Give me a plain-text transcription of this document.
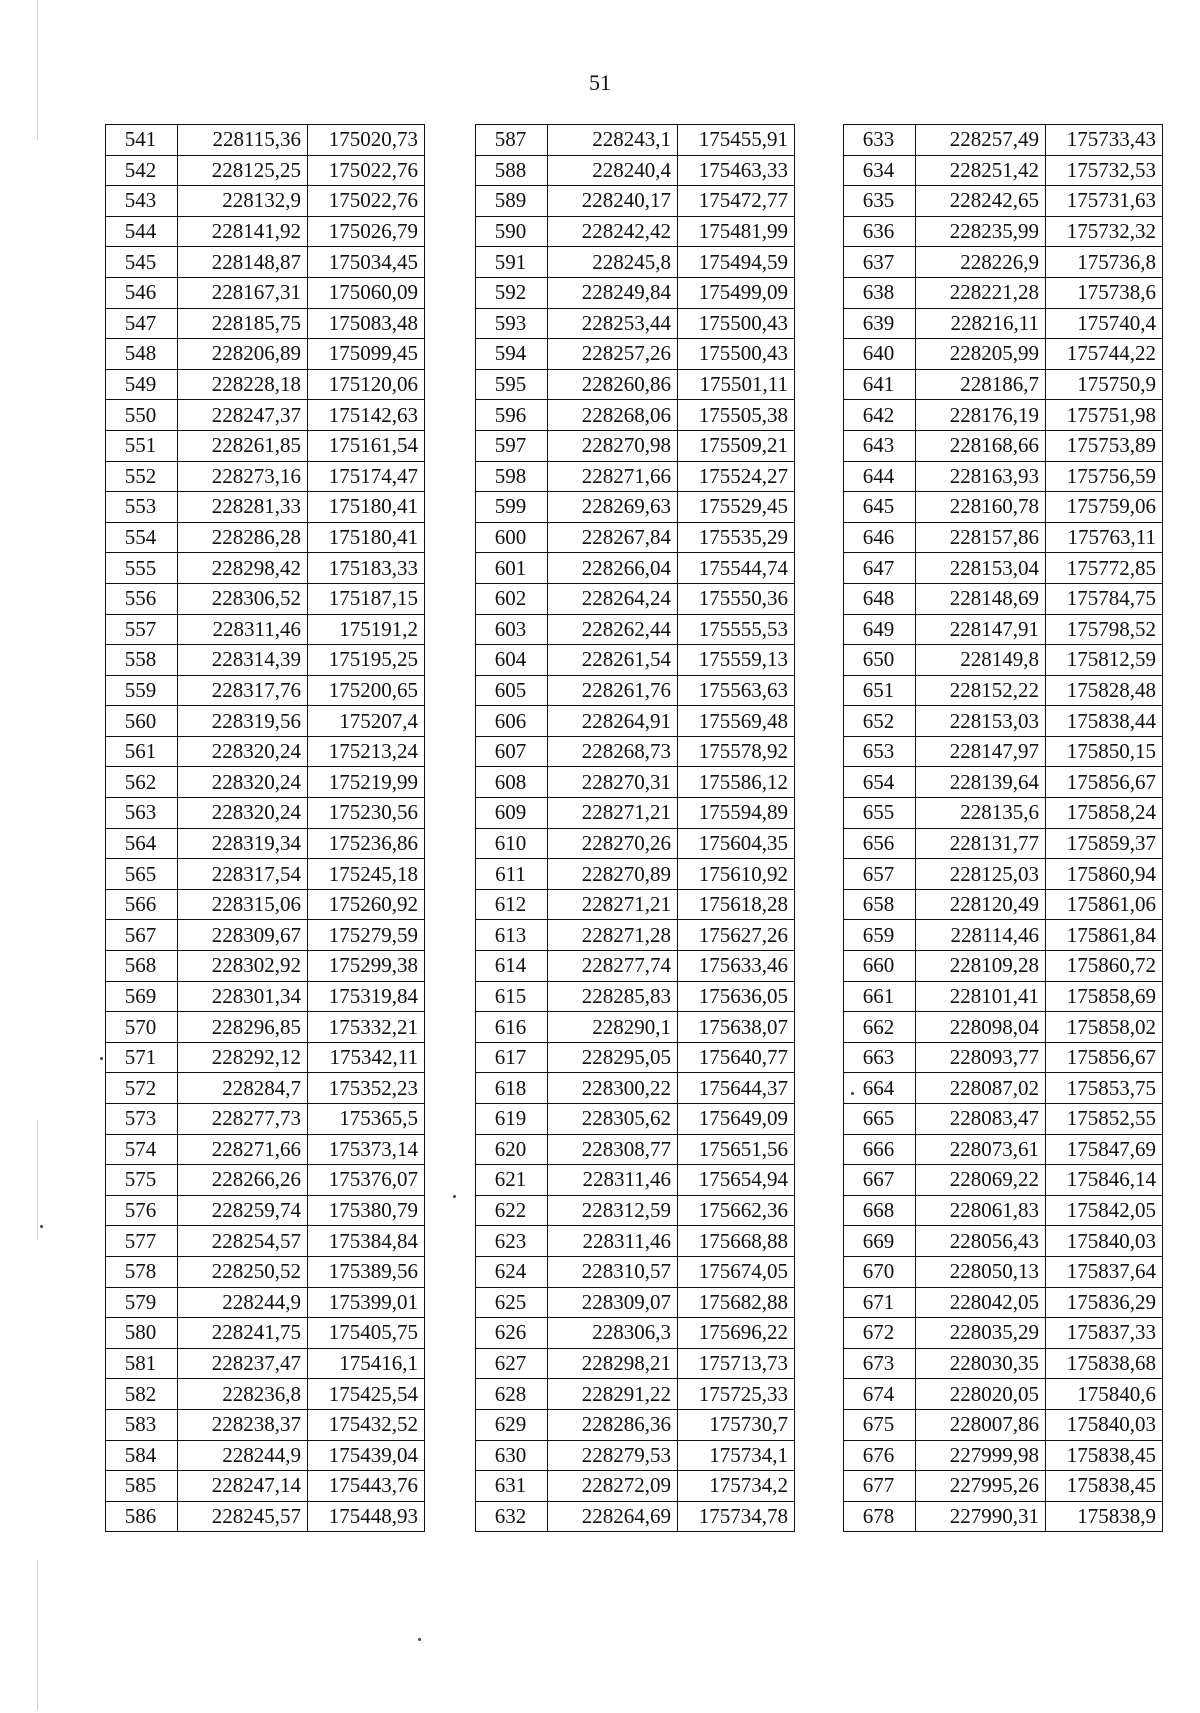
51
541	228115,36	175020,73
542	228125,25	175022,76
543	228132,9	175022,76
544	228141,92	175026,79
545	228148,87	175034,45
546	228167,31	175060,09
547	228185,75	175083,48
548	228206,89	175099,45
549	228228,18	175120,06
550	228247,37	175142,63
551	228261,85	175161,54
552	228273,16	175174,47
553	228281,33	175180,41
554	228286,28	175180,41
555	228298,42	175183,33
556	228306,52	175187,15
557	228311,46	175191,2
558	228314,39	175195,25
559	228317,76	175200,65
560	228319,56	175207,4
561	228320,24	175213,24
562	228320,24	175219,99
563	228320,24	175230,56
564	228319,34	175236,86
565	228317,54	175245,18
566	228315,06	175260,92
567	228309,67	175279,59
568	228302,92	175299,38
569	228301,34	175319,84
570	228296,85	175332,21
571	228292,12	175342,11
572	228284,7	175352,23
573	228277,73	175365,5
574	228271,66	175373,14
575	228266,26	175376,07
576	228259,74	175380,79
577	228254,57	175384,84
578	228250,52	175389,56
579	228244,9	175399,01
580	228241,75	175405,75
581	228237,47	175416,1
582	228236,8	175425,54
583	228238,37	175432,52
584	228244,9	175439,04
585	228247,14	175443,76
586	228245,57	175448,93
587	228243,1	175455,91
588	228240,4	175463,33
589	228240,17	175472,77
590	228242,42	175481,99
591	228245,8	175494,59
592	228249,84	175499,09
593	228253,44	175500,43
594	228257,26	175500,43
595	228260,86	175501,11
596	228268,06	175505,38
597	228270,98	175509,21
598	228271,66	175524,27
599	228269,63	175529,45
600	228267,84	175535,29
601	228266,04	175544,74
602	228264,24	175550,36
603	228262,44	175555,53
604	228261,54	175559,13
605	228261,76	175563,63
606	228264,91	175569,48
607	228268,73	175578,92
608	228270,31	175586,12
609	228271,21	175594,89
610	228270,26	175604,35
611	228270,89	175610,92
612	228271,21	175618,28
613	228271,28	175627,26
614	228277,74	175633,46
615	228285,83	175636,05
616	228290,1	175638,07
617	228295,05	175640,77
618	228300,22	175644,37
619	228305,62	175649,09
620	228308,77	175651,56
621	228311,46	175654,94
622	228312,59	175662,36
623	228311,46	175668,88
624	228310,57	175674,05
625	228309,07	175682,88
626	228306,3	175696,22
627	228298,21	175713,73
628	228291,22	175725,33
629	228286,36	175730,7
630	228279,53	175734,1
631	228272,09	175734,2
632	228264,69	175734,78
633	228257,49	175733,43
634	228251,42	175732,53
635	228242,65	175731,63
636	228235,99	175732,32
637	228226,9	175736,8
638	228221,28	175738,6
639	228216,11	175740,4
640	228205,99	175744,22
641	228186,7	175750,9
642	228176,19	175751,98
643	228168,66	175753,89
644	228163,93	175756,59
645	228160,78	175759,06
646	228157,86	175763,11
647	228153,04	175772,85
648	228148,69	175784,75
649	228147,91	175798,52
650	228149,8	175812,59
651	228152,22	175828,48
652	228153,03	175838,44
653	228147,97	175850,15
654	228139,64	175856,67
655	228135,6	175858,24
656	228131,77	175859,37
657	228125,03	175860,94
658	228120,49	175861,06
659	228114,46	175861,84
660	228109,28	175860,72
661	228101,41	175858,69
662	228098,04	175858,02
663	228093,77	175856,67
664	228087,02	175853,75
665	228083,47	175852,55
666	228073,61	175847,69
667	228069,22	175846,14
668	228061,83	175842,05
669	228056,43	175840,03
670	228050,13	175837,64
671	228042,05	175836,29
672	228035,29	175837,33
673	228030,35	175838,68
674	228020,05	175840,6
675	228007,86	175840,03
676	227999,98	175838,45
677	227995,26	175838,45
678	227990,31	175838,9
